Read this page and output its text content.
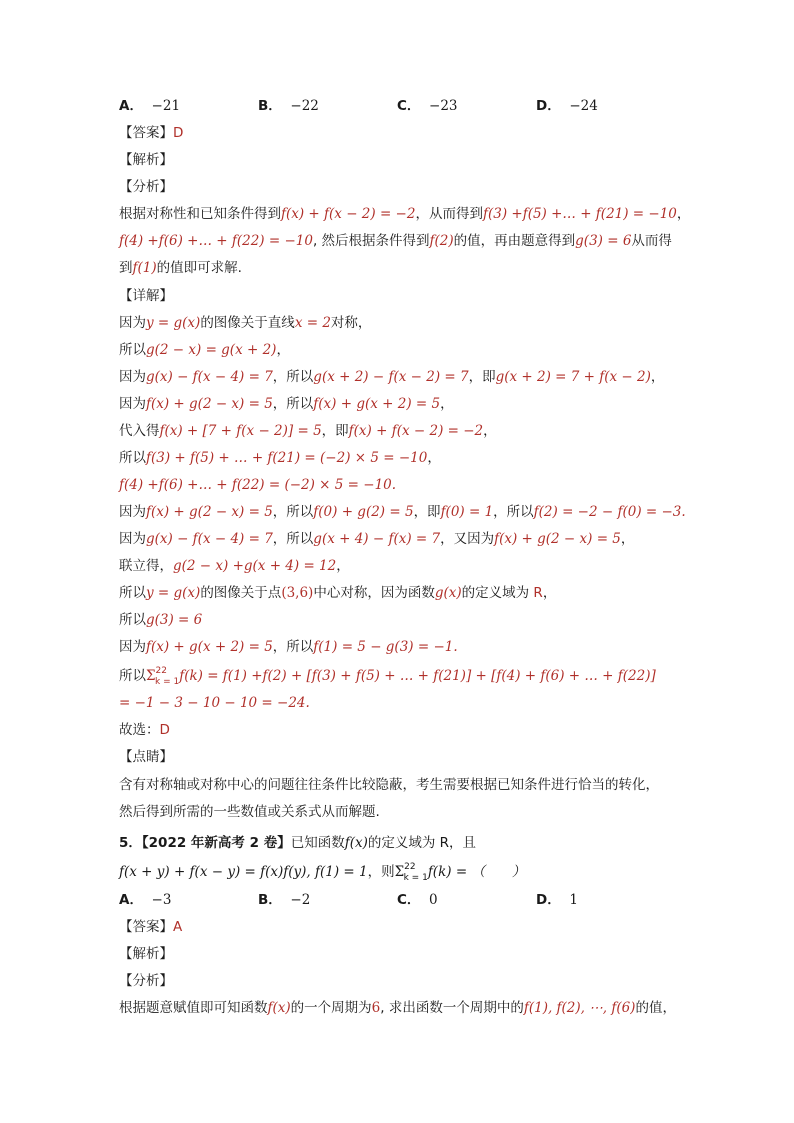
A． −21	B． −22	C． −23	D． −24
【答案】D
【解析】
【分析】
根据对称性和已知条件得到f(x) + f(x − 2) = −2，从而得到f(3) +f(5) +… + f(21) = −10，
f(4) +f(6) +… + f(22) = −10, 然后根据条件得到f(2)的值，再由题意得到g(3) = 6从而得
到f(1)的值即可求解.
【详解】
因为y = g(x)的图像关于直线x = 2对称，
所以g(2 − x) = g(x + 2)，
因为g(x) − f(x − 4) = 7，所以g(x + 2) − f(x − 2) = 7，即g(x + 2) = 7 + f(x − 2)，
因为f(x) + g(2 − x) = 5，所以f(x) + g(x + 2) = 5，
代入得f(x) + [7 + f(x − 2)] = 5，即f(x) + f(x − 2) = −2，
所以f(3) + f(5) + … + f(21) = (−2) × 5 = −10，
f(4) +f(6) +… + f(22) = (−2) × 5 = −10.
因为f(x) + g(2 − x) = 5，所以f(0) + g(2) = 5，即f(0) = 1，所以f(2) = −2 − f(0) = −3.
因为g(x) − f(x − 4) = 7，所以g(x + 4) − f(x) = 7，又因为f(x) + g(2 − x) = 5，
联立得，g(2 − x) +g(x + 4) = 12，
所以y = g(x)的图像关于点(3,6)中心对称，因为函数g(x)的定义域为 R，
所以g(3) = 6
因为f(x) + g(x + 2) = 5，所以f(1) = 5 − g(3) = −1.
所以$\Sigma^{22}_{k = 1}f(k) = f(1) +f(2) + [f(3) + f(5)$ + … + f(21)] + [f(4) + f(6) + … + f(22)]
= −1 − 3 − 10 − 10 = −24.
故选：D
【点睛】
含有对称轴或对称中心的问题往往条件比较隐蔽，考生需要根据已知条件进行恰当的转化，
然后得到所需的一些数值或关系式从而解题.
5．【2022 年新高考 2 卷】已知函数f(x)的定义域为 R，且
f(x + y) + f(x − y) = f(x)f(y), f(1) = 1，则$\Sigma^{22}_{k = 1}f(k)$ = （　　）
A． −3	B． −2	C． 0	D． 1
【答案】A
【解析】
【分析】
根据题意赋值即可知函数f(x)的一个周期为6, 求出函数一个周期中的f(1), f(2), ⋯, f(6)的值，
